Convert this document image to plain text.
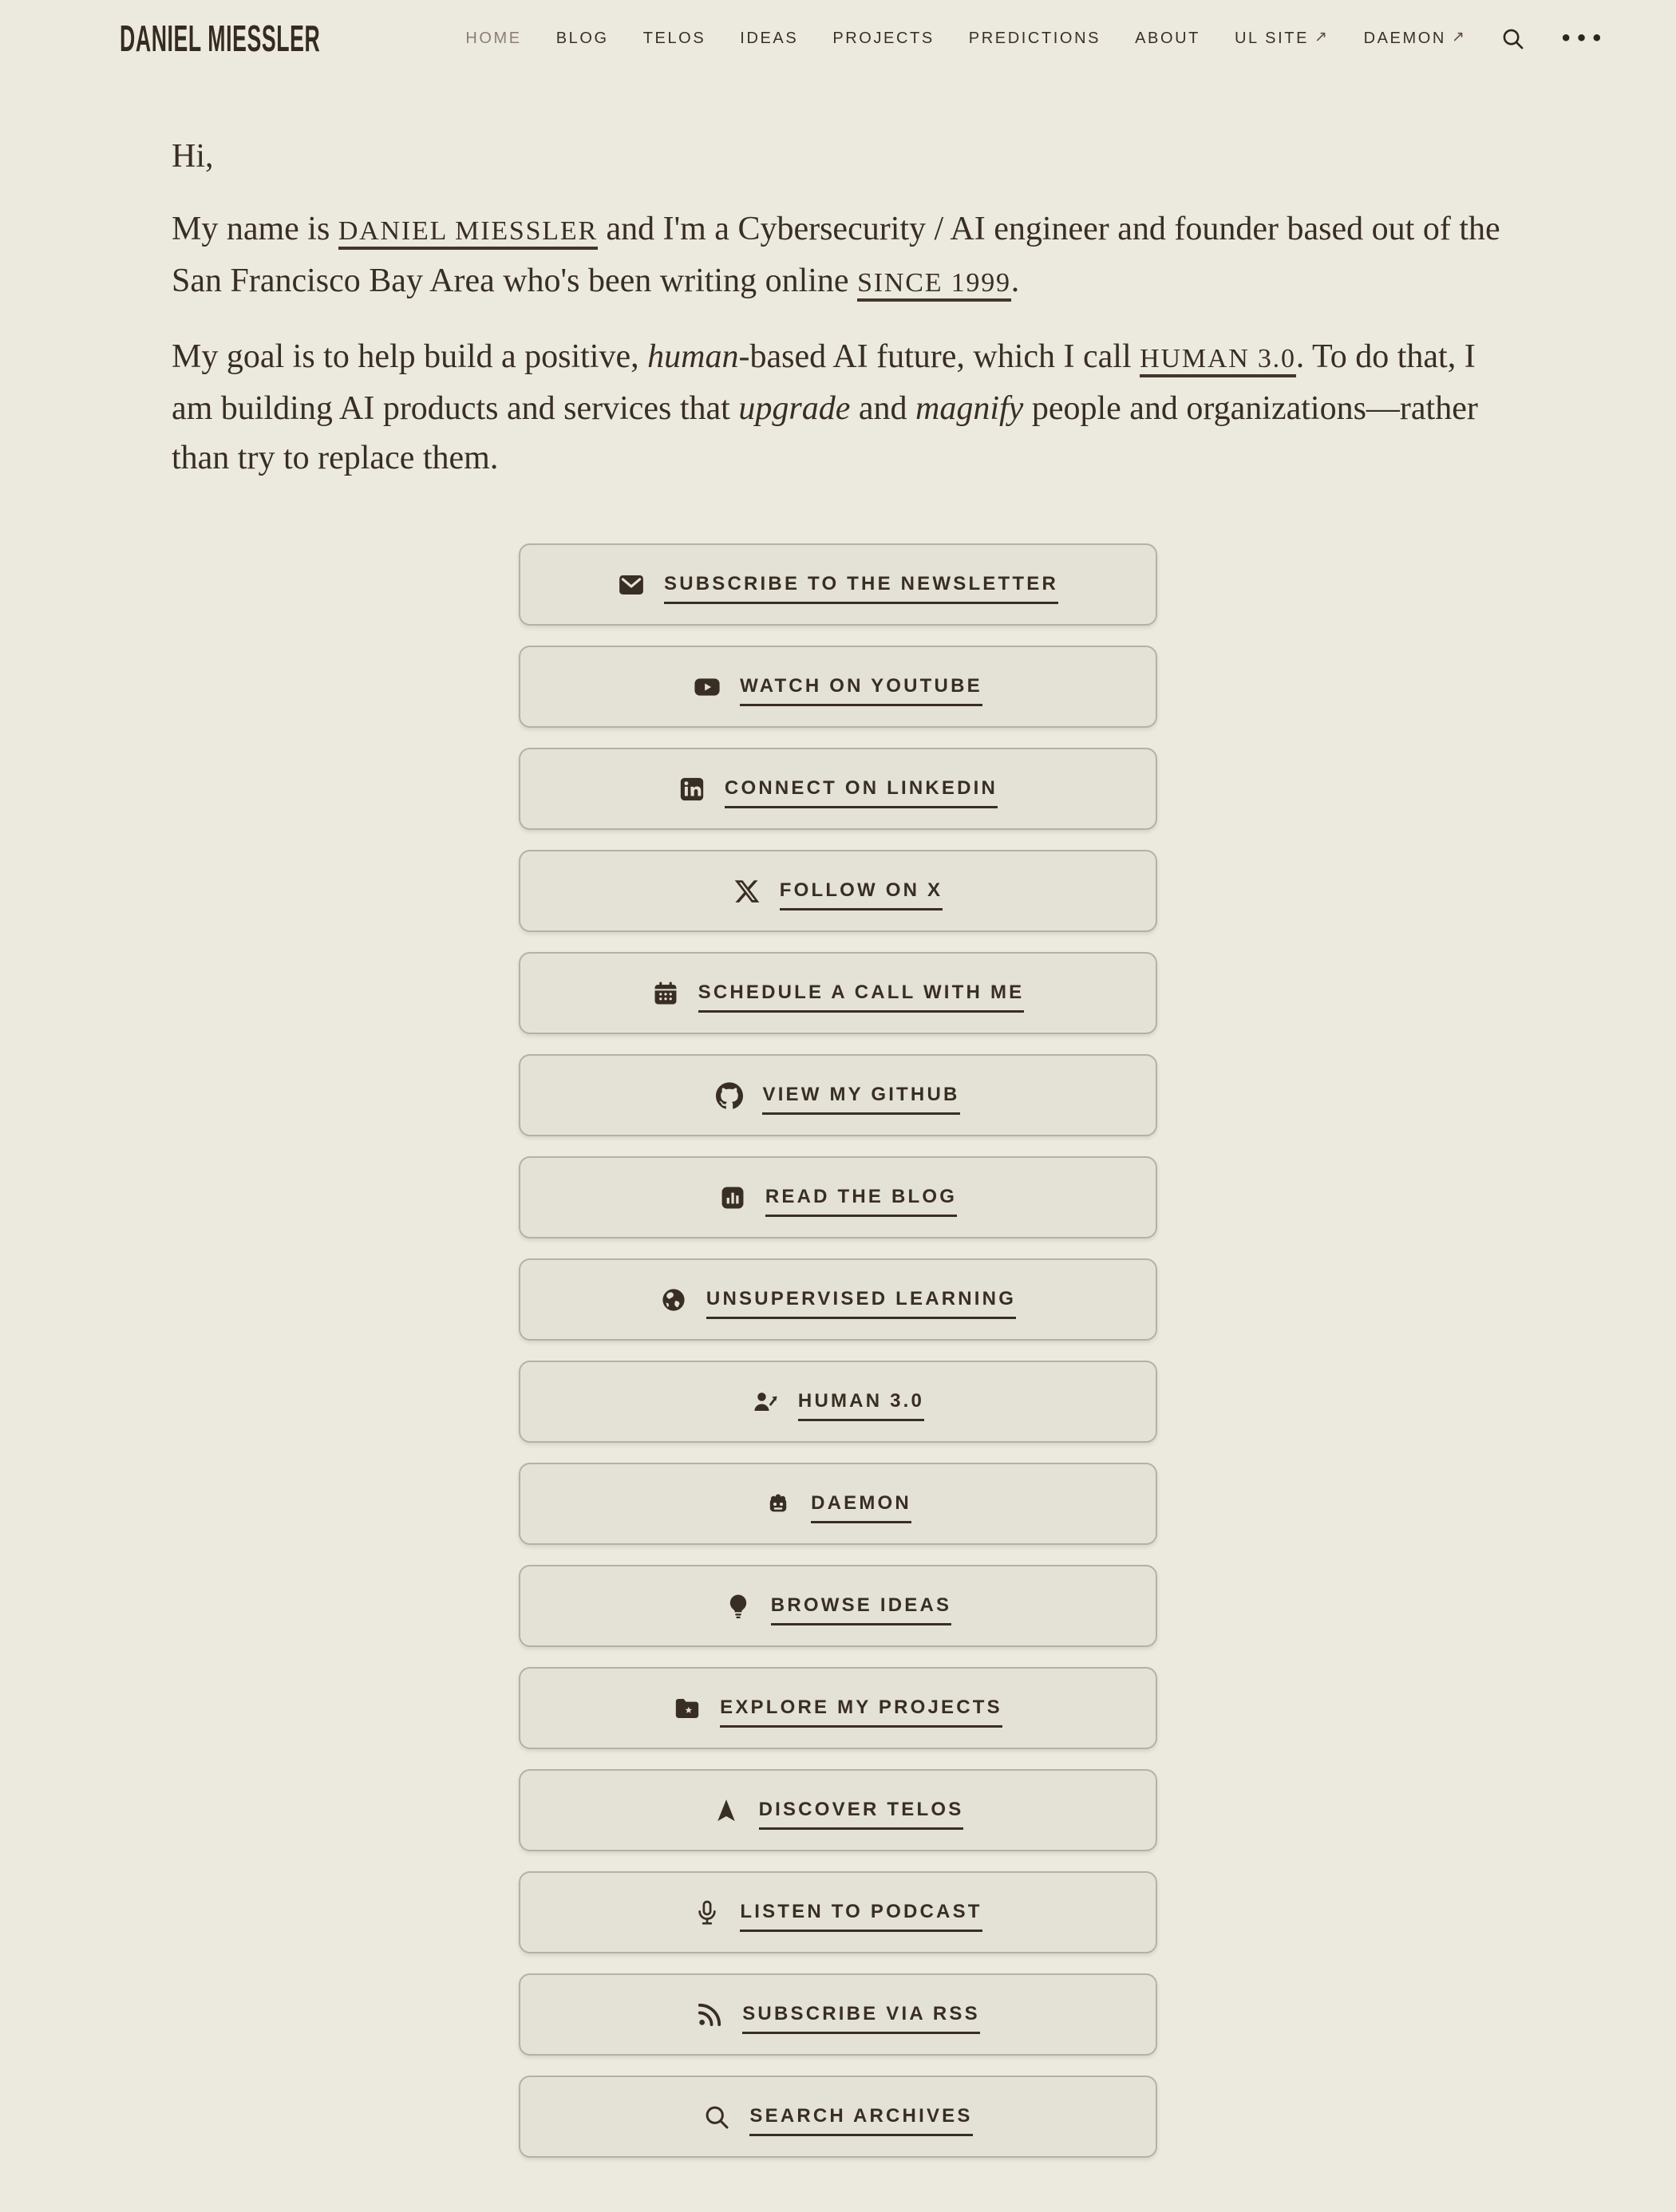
DANIEL MIESSLER	HOME BLOG TELOS IDEAS PROJECTS PREDICTIONS ABOUT UL SITE ↗ DAEMON ↗	•••

Hi,

My name is DANIEL MIESSLER and I'm a Cybersecurity / AI engineer and founder based out of the San Francisco Bay Area who's been writing online SINCE 1999.

My goal is to help build a positive, human-based AI future, which I call HUMAN 3.0. To do that, I am building AI products and services that upgrade and magnify people and organizations—rather than try to replace them.

SUBSCRIBE TO THE NEWSLETTER
WATCH ON YOUTUBE
CONNECT ON LINKEDIN
FOLLOW ON X
SCHEDULE A CALL WITH ME
VIEW MY GITHUB
READ THE BLOG
UNSUPERVISED LEARNING
HUMAN 3.0
DAEMON
BROWSE IDEAS
EXPLORE MY PROJECTS
DISCOVER TELOS
LISTEN TO PODCAST
SUBSCRIBE VIA RSS
SEARCH ARCHIVES
